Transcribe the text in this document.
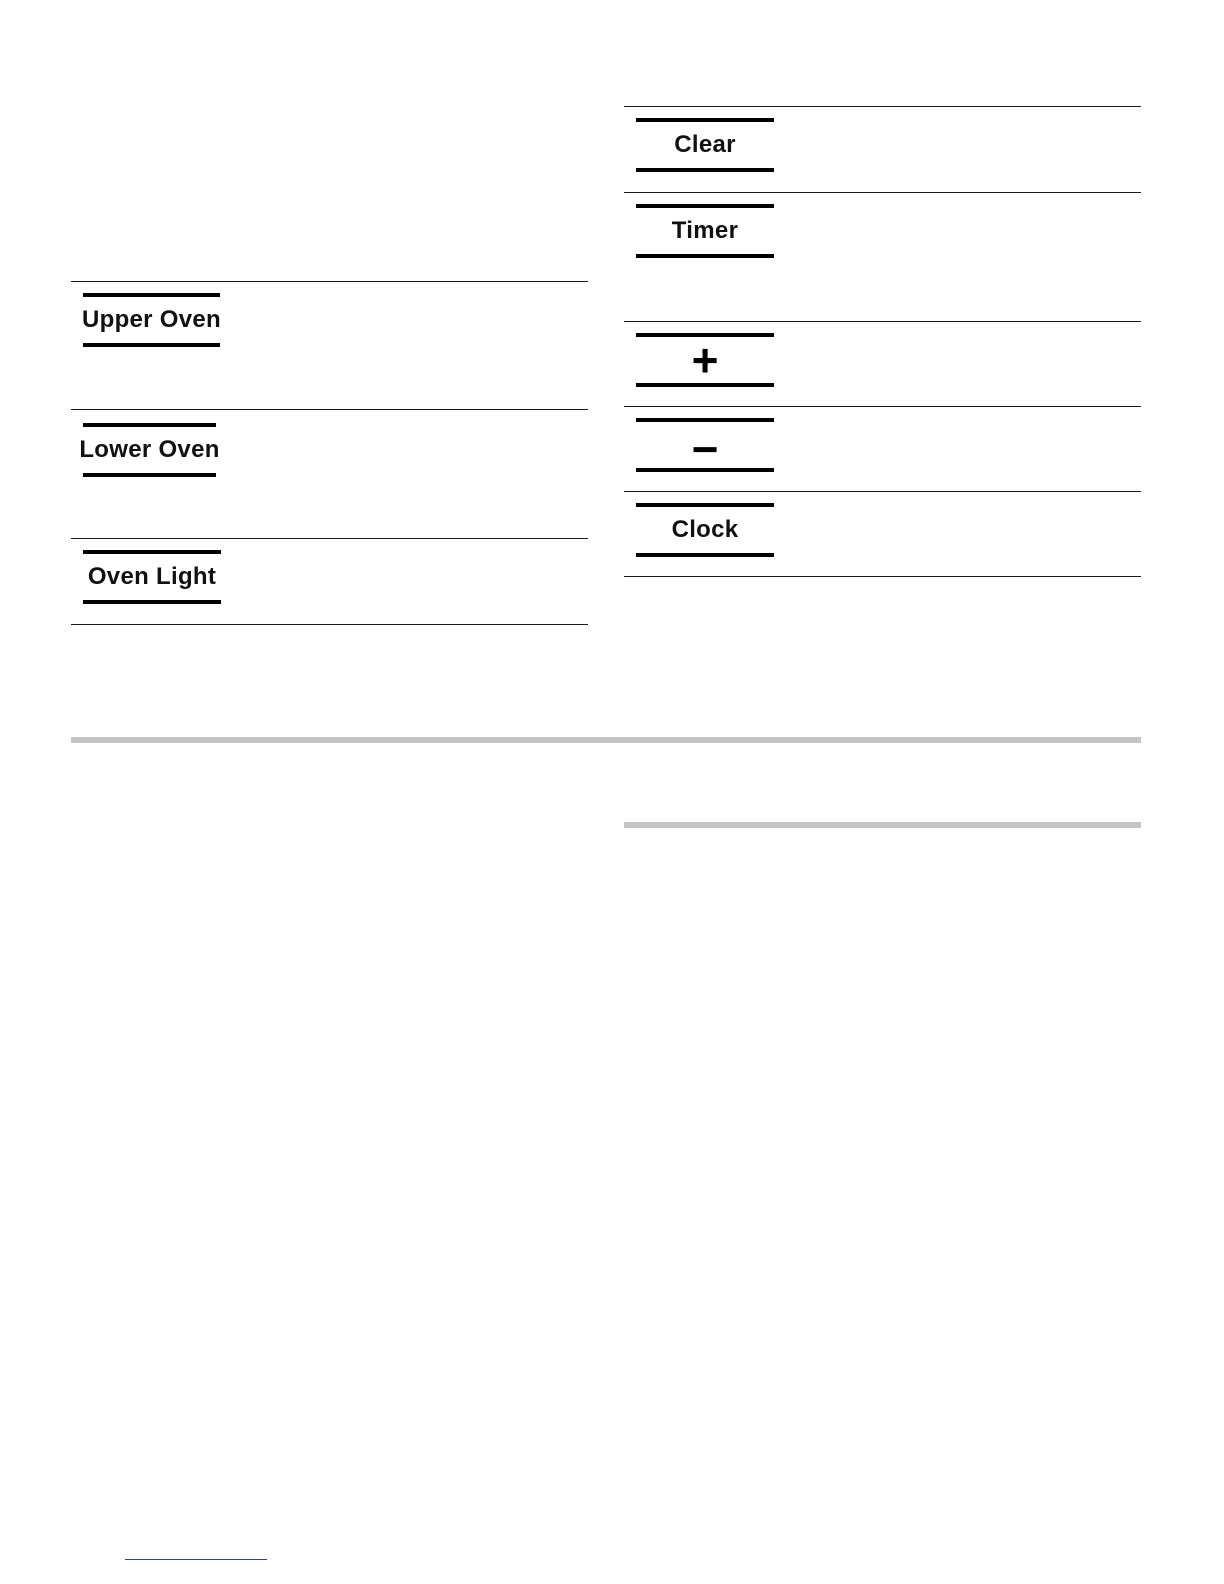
Upper Oven
Lower Oven
Oven Light
Clear
Timer
+
−
Clock
